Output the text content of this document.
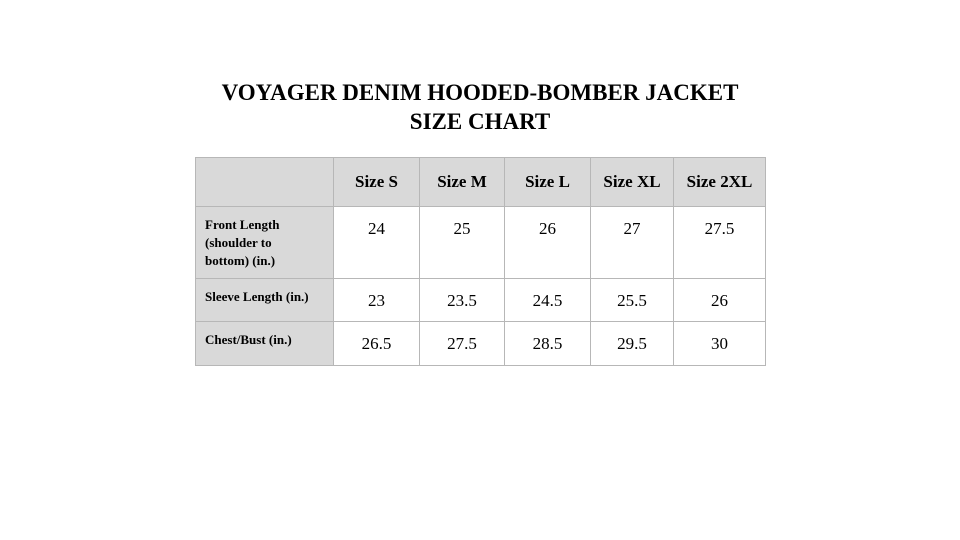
VOYAGER DENIM HOODED-BOMBER JACKET
SIZE CHART
	Size S	Size M	Size L	Size XL	Size 2XL
Front Length (shoulder to bottom) (in.)	24	25	26	27	27.5
Sleeve Length (in.)	23	23.5	24.5	25.5	26
Chest/Bust (in.)	26.5	27.5	28.5	29.5	30
